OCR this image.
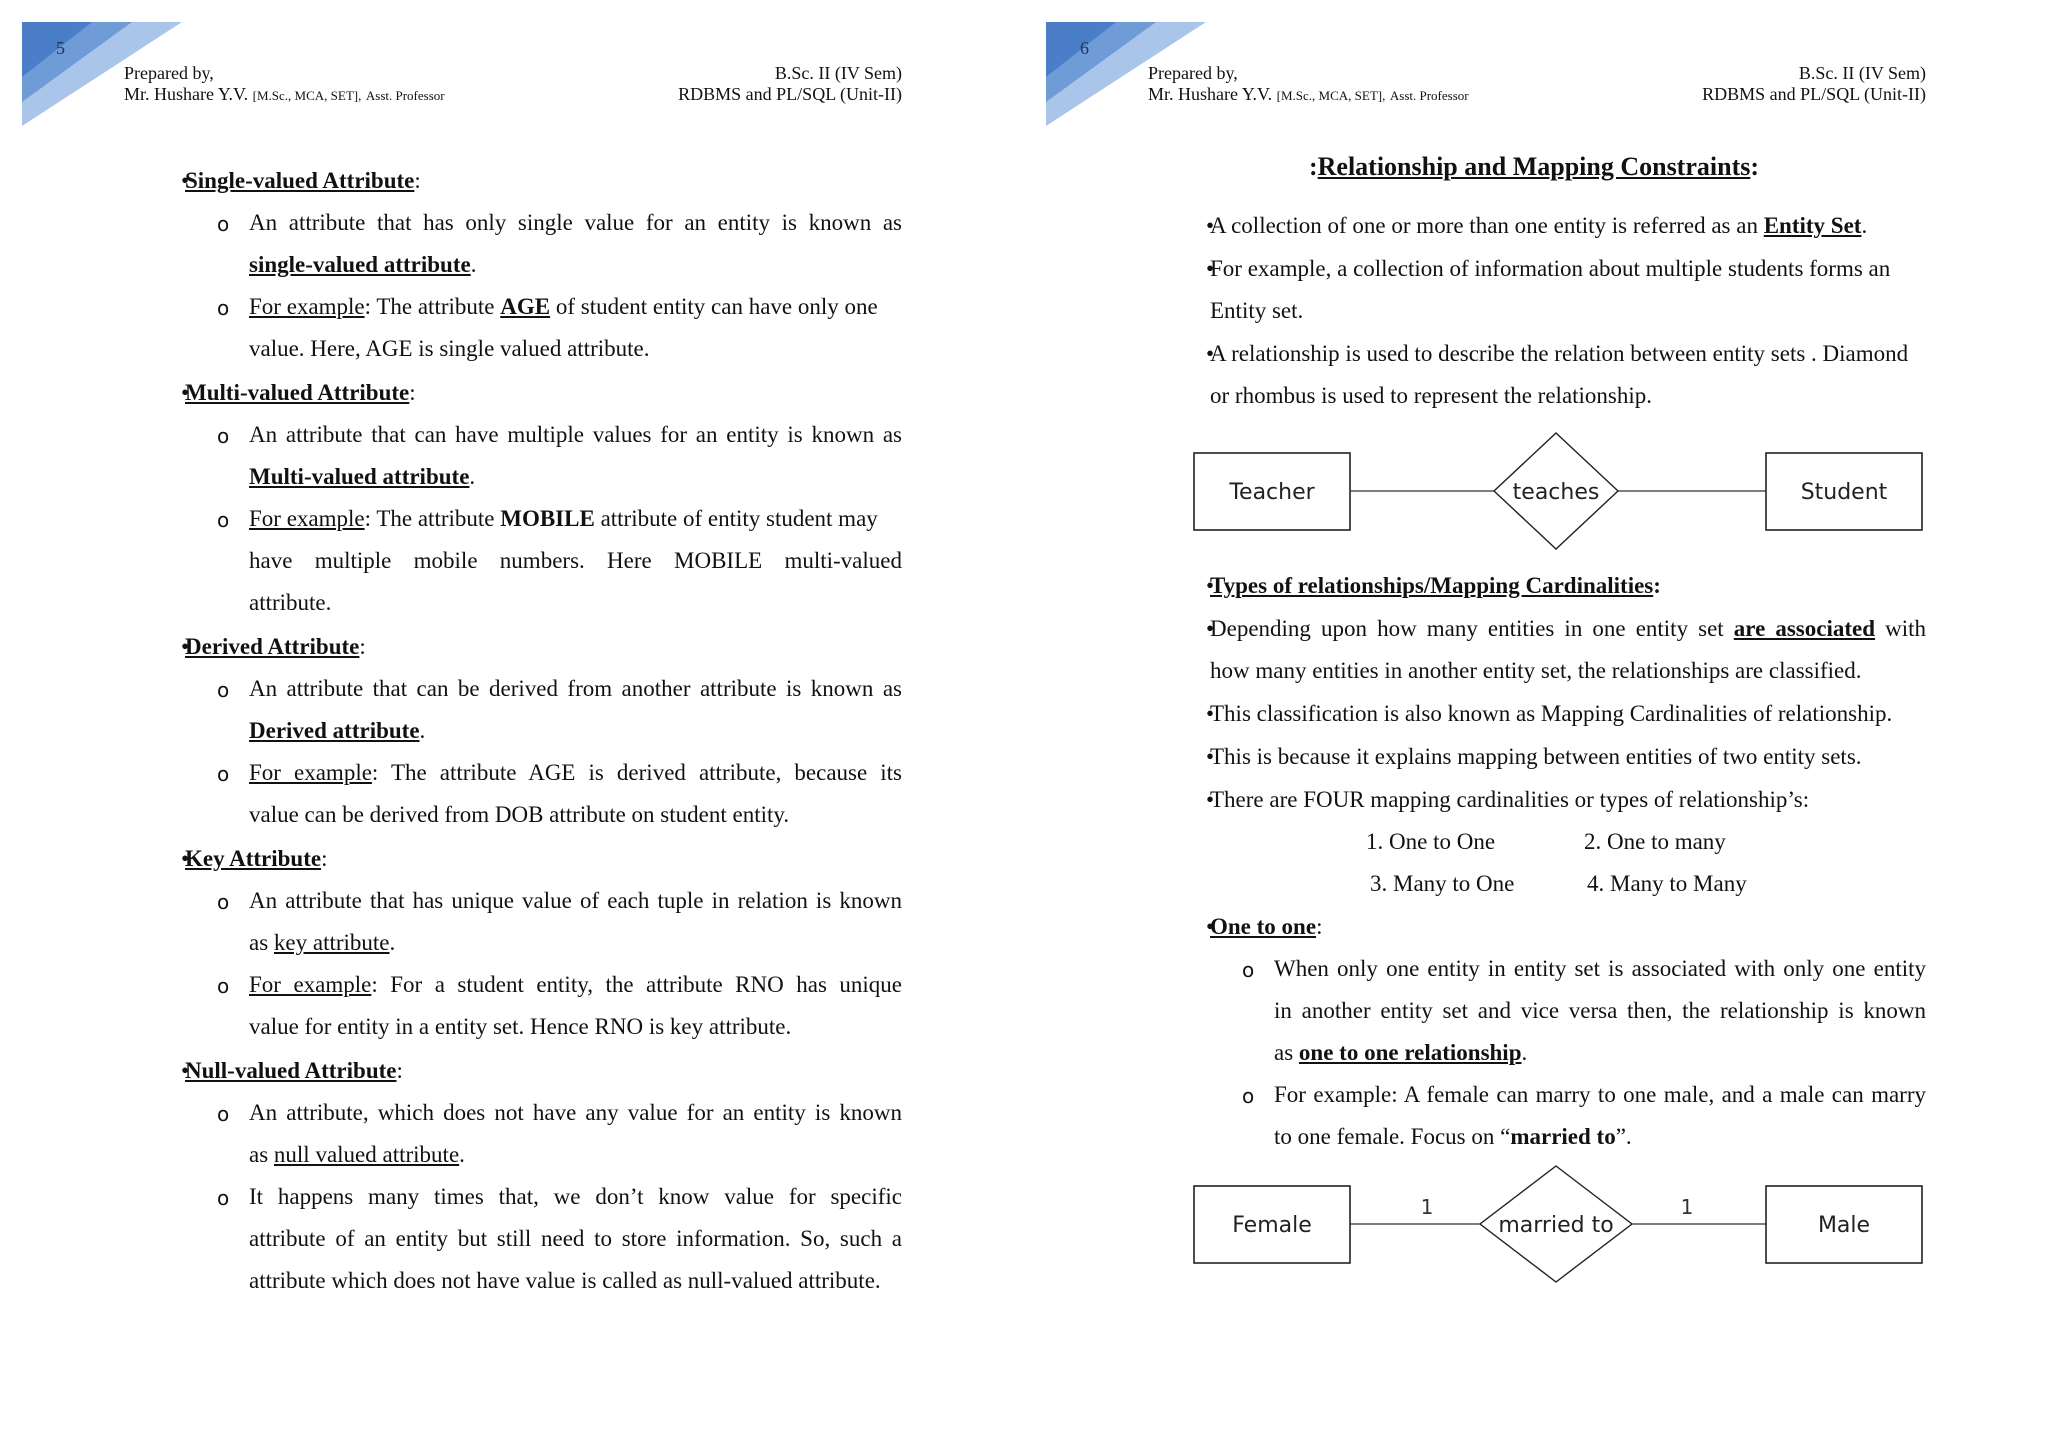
5
Prepared by,
Mr. Hushare Y.V. [M.Sc., MCA, SET], Asst. Professor
B.Sc. II (IV Sem)
RDBMS and PL/SQL (Unit-II)
• Single-valued Attribute:
o An attribute that has only single value for an entity is known as
single-valued attribute.
o For example: The attribute AGE of student entity can have only one
value. Here, AGE is single valued attribute.
• Multi-valued Attribute:
o An attribute that can have multiple values for an entity is known as
Multi-valued attribute.
o For example: The attribute MOBILE attribute of entity student may
have multiple mobile numbers. Here MOBILE multi-valued
attribute.
• Derived Attribute:
o An attribute that can be derived from another attribute is known as
Derived attribute.
o For example: The attribute AGE is derived attribute, because its
value can be derived from DOB attribute on student entity.
• Key Attribute:
o An attribute that has unique value of each tuple in relation is known
as key attribute.
o For example: For a student entity, the attribute RNO has unique
value for entity in a entity set. Hence RNO is key attribute.
• Null-valued Attribute:
o An attribute, which does not have any value for an entity is known
as null valued attribute.
o It happens many times that, we don’t know value for specific
attribute of an entity but still need to store information. So, such a
attribute which does not have value is called as null-valued attribute.
6
Prepared by,
Mr. Hushare Y.V. [M.Sc., MCA, SET], Asst. Professor
B.Sc. II (IV Sem)
RDBMS and PL/SQL (Unit-II)
:Relationship and Mapping Constraints:
• A collection of one or more than one entity is referred as an Entity Set.
• For example, a collection of information about multiple students forms an
Entity set.
• A relationship is used to describe the relation between entity sets . Diamond
or rhombus is used to represent the relationship.
Teacher	teaches	Student
• Types of relationships/Mapping Cardinalities:
• Depending upon how many entities in one entity set are associated with
how many entities in another entity set, the relationships are classified.
• This classification is also known as Mapping Cardinalities of relationship.
• This is because it explains mapping between entities of two entity sets.
• There are FOUR mapping cardinalities or types of relationship’s:
1. One to One	2. One to many
3. Many to One	4. Many to Many
• One to one:
o When only one entity in entity set is associated with only one entity
in another entity set and vice versa then, the relationship is known
as one to one relationship.
o For example: A female can marry to one male, and a male can marry
to one female. Focus on “married to”.
Female	married to	Male
1	1
